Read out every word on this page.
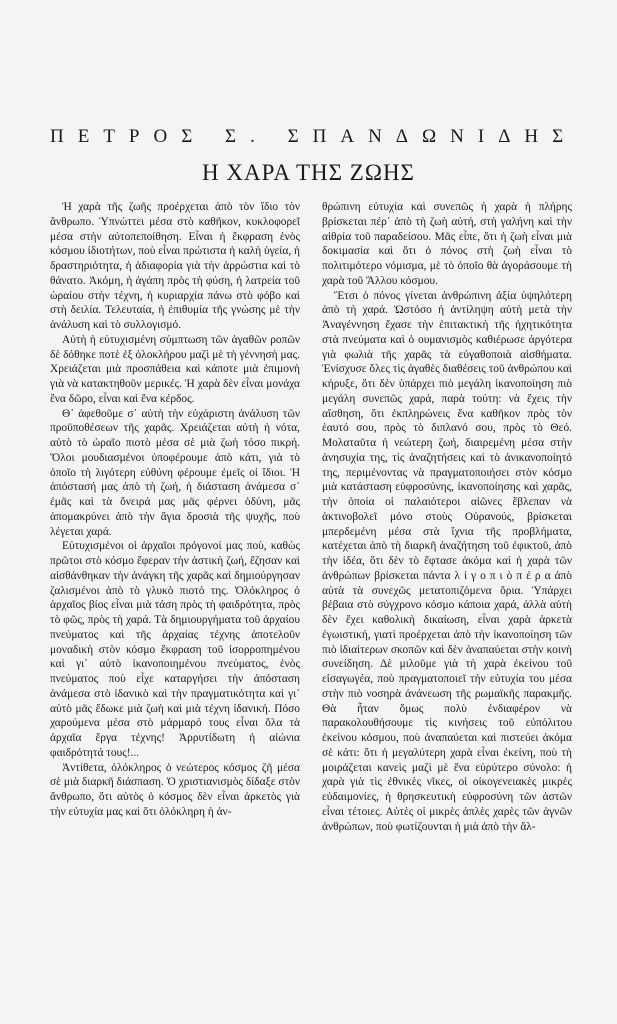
ΠΕΤΡΟΣ Σ. ΣΠΑΝΔΩΝΙΔΗΣ
Η ΧΑΡΑ ΤΗΣ ΖΩΗΣ

Ἡ χαρὰ τῆς ζωῆς προέρχεται ἀπὸ τὸν ἴδιο τὸν ἄνθρωπο. Ὑπνώττει μέσα στὸ καθῆκον, κυκλοφορεῖ μέσα στὴν αὐτοπεποίθηση. Εἶναι ἡ ἔκφραση ἑνὸς κόσμου ἰδιοτήτων, ποὺ εἶναι πρώτιστα ἡ καλὴ ὑγεία, ἡ δραστηριότητα, ἡ ἀδιαφορία γιὰ τὴν ἀρρώστια καὶ τὸ θάνατο. Ἀκόμη, ἡ ἀγάπη πρὸς τὴ φύση, ἡ λατρεία τοῦ ὡραίου στὴν τέχνη, ἡ κυριαρχία πάνω στὸ φόβο καὶ στὴ δειλία. Τελευταία, ἡ ἐπιθυμία τῆς γνώσης μὲ τὴν ἀνάλυση καὶ τὸ συλλογισμό.

Αὐτὴ ἡ εὐτυχισμένη σύμπτωση τῶν ἀγαθῶν ροπῶν δὲ δόθηκε ποτὲ ἐξ ὁλοκλήρου μαζὶ μὲ τὴ γέννησή μας. Χρειάζεται μιὰ προσπάθεια καὶ κάποτε μιὰ ἐπιμονὴ γιὰ νὰ κατακτηθοῦν μερικές. Ἡ χαρὰ δὲν εἶναι μονάχα ἕνα δῶρο, εἶναι καὶ ἕνα κέρδος.

Θ᾽ ἀφεθοῦμε σ᾽ αὐτὴ τὴν εὐχάριστη ἀνάλυση τῶν προϋποθέσεων τῆς χαρᾶς. Χρειάζεται αὐτὴ ἡ νότα, αὐτὸ τὸ ὡραῖο πιοτὸ μέσα σὲ μιὰ ζωὴ τόσο πικρή. Ὅλοι μουδιασμένοι ὑποφέρουμε ἀπὸ κάτι, γιὰ τὸ ὁποῖο τὴ λιγότερη εὐθύνη φέρουμε ἐμεῖς οἱ ἴδιοι. Ἡ ἀπόστασή μας ἀπὸ τὴ ζωή, ἡ διάσταση ἀνάμεσα σ᾽ ἐμᾶς καὶ τὰ ὄνειρά μας μᾶς φέρνει ὀδύνη, μᾶς ἀπομακρύνει ἀπὸ τὴν ἅγια δροσιὰ τῆς ψυχῆς, ποὺ λέγεται χαρά.

Εὐτυχισμένοι οἱ ἀρχαῖοι πρόγονοί μας ποὺ, καθὼς πρῶτοι στὸ κόσμο ἔφεραν τὴν ἀστικὴ ζωή, ἔζησαν καὶ αἰσθάνθηκαν τὴν ἀνάγκη τῆς χαρᾶς καὶ δημιούργησαν ζαλισμένοι ἀπὸ τὸ γλυκὸ πιοτό της. Ὁλόκληρος ὁ ἀρχαῖος βίος εἶναι μιὰ τάση πρὸς τὴ φαιδρότητα, πρὸς τὸ φῶς, πρὸς τὴ χαρά. Τὰ δημιουργήματα τοῦ ἀρχαίου πνεύματος καὶ τῆς ἀρχαίας τέχνης ἀποτελοῦν μοναδικὴ στὸν κόσμο ἔκφραση τοῦ ἰσορροπημένου καὶ γι᾽ αὐτὸ ἱκανοποιημένου πνεύματος, ἑνὸς πνεύματος ποὺ εἶχε καταργήσει τὴν ἀπόσταση ἀνάμεσα στὸ ἰδανικὸ καὶ τὴν πραγματικότητα καὶ γι᾽ αὐτὸ μᾶς ἔδωκε μιὰ ζωὴ καὶ μιὰ τέχνη ἰδανική. Πόσο χαρούμενα μέσα στὸ μάρμαρό τους εἶναι ὅλα τὰ ἀρχαῖα ἔργα τέχνης! Ἀρρυτίδωτη ἡ αἰώνια φαιδρότητά τους!...

Ἀντίθετα, ὁλόκληρος ὁ νεώτερος κόσμος ζῆ μέσα σὲ μιὰ διαρκῆ διάσπαση. Ὁ χριστιανισμὸς δίδαξε στὸν ἄνθρωπο, ὅτι αὐτὸς ὁ κόσμος δὲν εἶναι ἀρκετὸς γιὰ τὴν εὐτυχία μας καὶ ὅτι ὁλόκληρη ἡ ἀν-

θρώπινη εὐτυχία καὶ συνεπῶς ἡ χαρὰ ἡ πλήρης βρίσκεται πέρ᾽ ἀπὸ τὴ ζωὴ αὐτή, στὴ γαλήνη καὶ τὴν αἰθρία τοῦ παραδείσου. Μᾶς εἶπε, ὅτι ἡ ζωὴ εἶναι μιὰ δοκιμασία καὶ ὅτι ὁ πόνος στὴ ζωὴ εἶναι τὸ πολιτιμότερο νόμισμα, μὲ τὸ ὁποῖο θὰ ἀγοράσουμε τὴ χαρὰ τοῦ Ἄλλου κόσμου.

Ἔτσι ὁ πόνος γίνεται ἀνθρώπινη ἀξία ὑψηλότερη ἀπὸ τὴ χαρά. Ὡστόσο ἡ ἀντίληψη αὐτὴ μετὰ τὴν Ἀναγέννηση ἔχασε τὴν ἐπιτακτικὴ τῆς ἠχητικότητα στὰ πνεύματα καὶ ὁ ουμανισμὸς καθιέρωσε ἀργότερα γιὰ φωλιὰ τῆς χαρᾶς τὰ εὐγαθοποιὰ αἰσθήματα. Ἐνίσχυσε ὅλες τὶς ἀγαθὲς διαθέσεις τοῦ ἀνθρώπου καὶ κήρυξε, ὅτι δὲν ὑπάρχει πιὸ μεγάλη ἱκανοποίηση πιὸ μεγάλη συνεπῶς χαρά, παρὰ τούτη: νὰ ἔχεις τὴν αἴσθηση, ὅτι ἐκπληρώνεις ἕνα καθῆκον πρὸς τὸν ἑαυτό σου, πρὸς τὸ διπλανό σου, πρὸς τὸ Θεό. Μολαταῦτα ἡ νεώτερη ζωή, διαιρεμένη μέσα στὴν ἀνησυχία της, τὶς ἀναζητήσεις καὶ τὸ ἀνικανοποίητό της, περιμένοντας νὰ πραγματοποιήσει στὸν κόσμο μιὰ κατάσταση εὐφροσύνης, ἱκανοποίησης καὶ χαρᾶς, τὴν ὁποία οἱ παλαιότεροι αἰῶνες ἔβλεπαν νὰ ἀκτινοβολεῖ μόνο στοὺς Οὐρανούς, βρίσκεται μπερδεμένη μέσα στὰ ἴχνια τῆς προβλήματα, κατέχεται ἀπὸ τὴ διαρκῆ ἀναζήτηση τοῦ ἐφικτοῦ, ἀπὸ τὴν ἰδέα, ὅτι δὲν τὸ ἔφτασε ἀκόμα καὶ ἡ χαρὰ τῶν ἀνθρώπων βρίσκεται πάντα λ ί γ ο π ι ὸ π έ ρ α ἀπὸ αὐτὰ τὰ συνεχῶς μετατοπιζόμενα ὅρια. Ὑπάρχει βέβαια στὸ σύγχρονο κόσμο κάποια χαρά, ἀλλὰ αὐτὴ δὲν ἔχει καθολικὴ δικαίωση, εἶναι χαρὰ ἀρκετὰ ἐγωιστική, γιατὶ προέρχεται ἀπὸ τὴν ἱκανοποίηση τῶν πιὸ ἰδιαίτερων σκοπῶν καὶ δὲν ἀναπαύεται στὴν κοινὴ συνείδηση. Δὲ μιλοῦμε γιὰ τὴ χαρὰ ἐκείνου τοῦ εἰσαγωγέα, ποὺ πραγματοποιεῖ τὴν εὐτυχία του μέσα στὴν πιὸ νοσηρὰ ἀνάνεωση τῆς ρωμαϊκῆς παρακμῆς. Θὰ ἦταν ὅμως πολὺ ἐνδιαφέρον νὰ παρακολουθήσουμε τὶς κινήσεις τοῦ εὐπόλιτου ἐκείνου κόσμου, ποὺ ἀναπαύεται καὶ πιστεύει ἀκόμα σὲ κάτι: ὅτι ἡ μεγαλύτερη χαρὰ εἶναι ἐκείνη, ποὺ τὴ μοιράζεται κανεὶς μαζὶ μὲ ἕνα εὐρύτερο σύνολο: ἡ χαρὰ γιὰ τὶς ἐθνικὲς νῖκες, οἱ οἰκογενειακὲς μικρὲς εὐδαιμονίες, ἡ θρησκευτικὴ εὐφροσύνη τῶν ἀστῶν εἶναι τέτοιες. Αὐτὲς οἱ μικρὲς ἁπλὲς χαρὲς τῶν ἁγνῶν ἀνθρώπων, ποὺ φωτίζουνται ἡ μιὰ ἀπὸ τὴν ἄλ-
